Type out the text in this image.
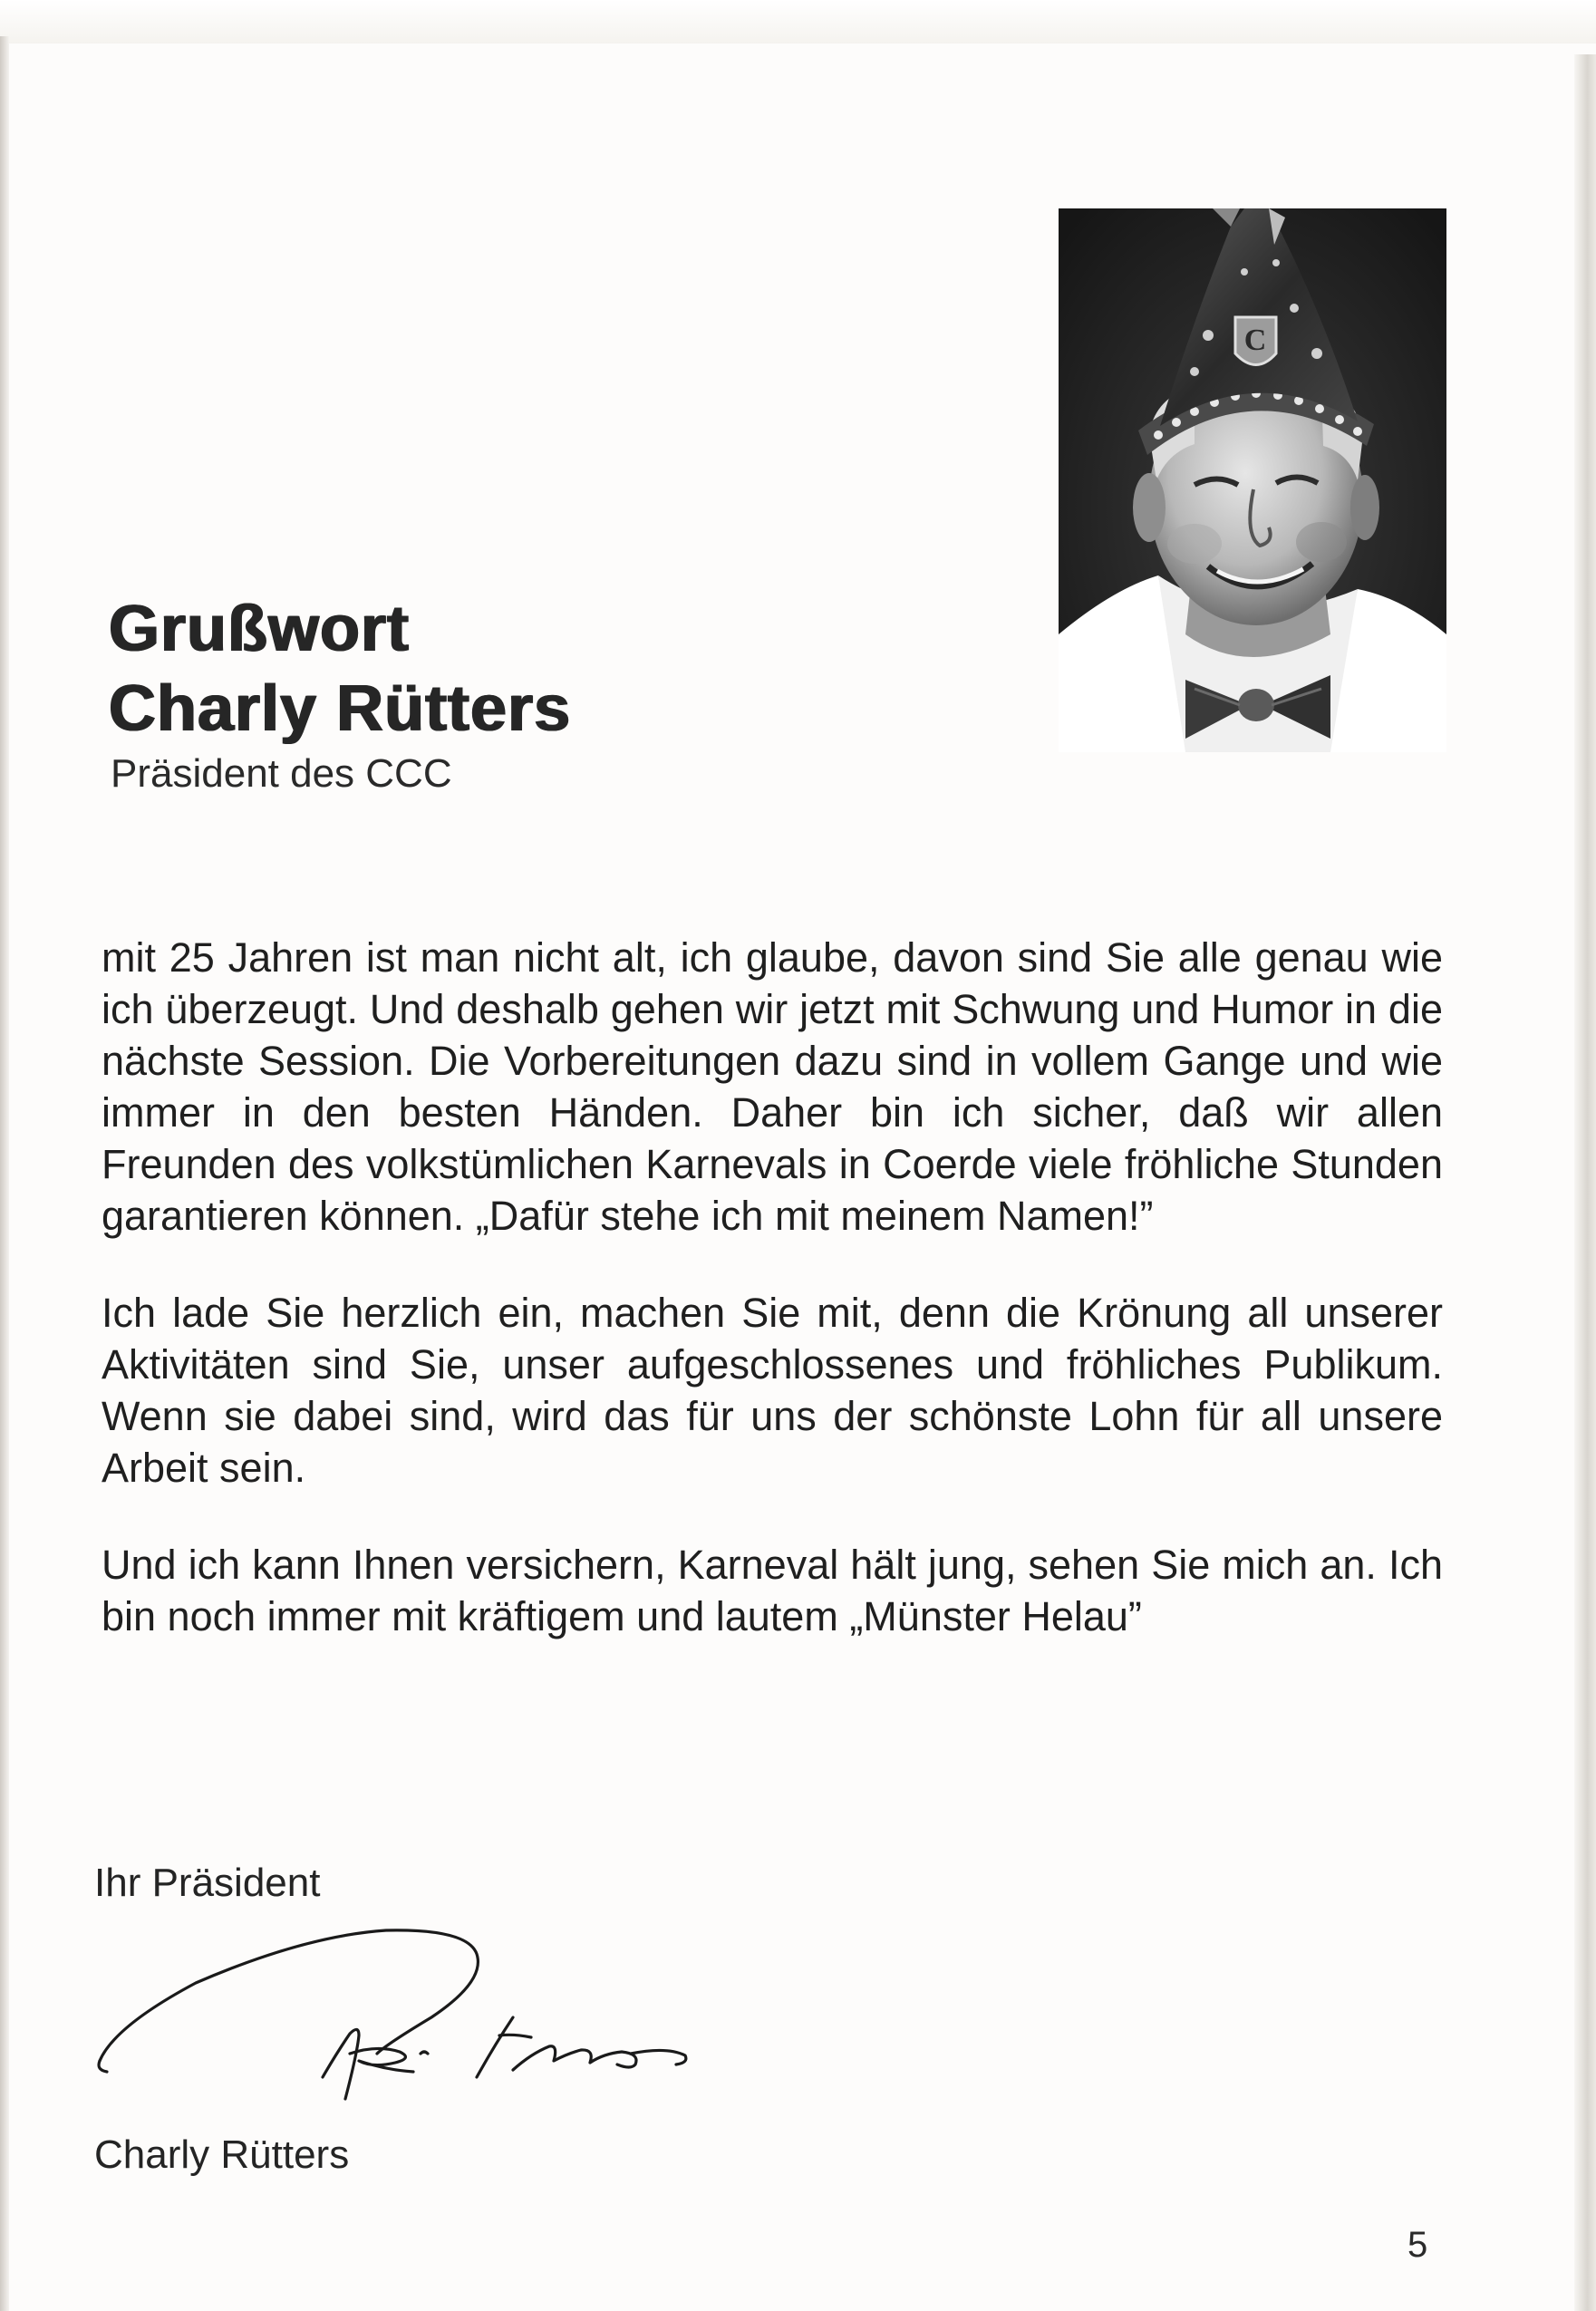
C
Grußwort
Charly Rütters

Präsident des CCC

mit 25 Jahren ist man nicht alt, ich glaube, davon sind Sie alle genau wie ich überzeugt. Und deshalb gehen wir jetzt mit Schwung und Humor in die nächste Session. Die Vorbereitungen dazu sind in vollem Gange und wie immer in den besten Händen. Daher bin ich sicher, daß wir allen Freunden des volkstümlichen Karnevals in Coerde viele fröhliche Stunden garantieren können. „Dafür stehe ich mit meinem Namen!”

Ich lade Sie herzlich ein, machen Sie mit, denn die Krönung all unserer Aktivitäten sind Sie, unser aufgeschlossenes und fröhliches Publikum. Wenn sie dabei sind, wird das für uns der schönste Lohn für all unsere Arbeit sein.

Und ich kann Ihnen versichern, Karneval hält jung, sehen Sie mich an. Ich bin noch immer mit kräftigem und lautem „Münster Helau”

Ihr Präsident

Charly Rütters

5
